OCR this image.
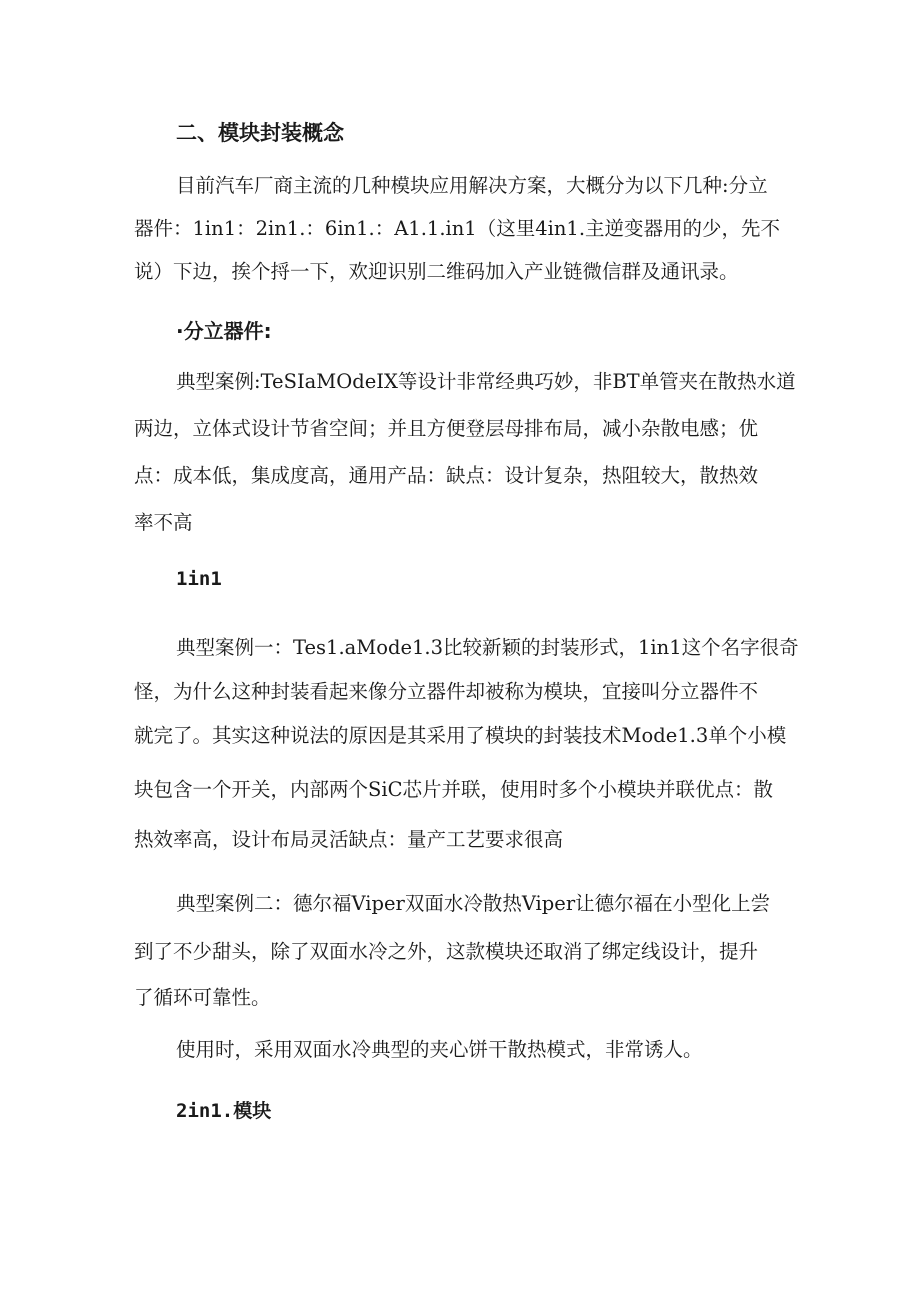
二、模块封装概念
目前汽车厂商主流的几种模块应用解决方案，大概分为以下几种:分立
器件：1in1：2in1.：6in1.：A1.1.in1（这里4in1.主逆变器用的少，先不
说）下边，挨个捋一下，欢迎识别二维码加入产业链微信群及通讯录。
·分立器件:
典型案例:TeSIaMOdeIX等设计非常经典巧妙，非BT单管夹在散热水道
两边，立体式设计节省空间；并且方便登层母排布局，减小杂散电感；优
点：成本低，集成度高，通用产品：缺点：设计复杂，热阻较大，散热效
率不高
1in1
典型案例一：Tes1.aMode1.3比较新颖的封装形式，1in1这个名字很奇
怪，为什么这种封装看起来像分立器件却被称为模块，宜接叫分立器件不
就完了。其实这种说法的原因是其采用了模块的封装技术Mode1.3单个小模
块包含一个开关，内部两个SiC芯片并联，使用时多个小模块并联优点：散
热效率高，设计布局灵活缺点：量产工艺要求很高
典型案例二：德尔福Viper双面水冷散热Viper让德尔福在小型化上尝
到了不少甜头，除了双面水冷之外，这款模块还取消了绑定线设计，提升
了循环可靠性。
使用时，采用双面水冷典型的夹心饼干散热模式，非常诱人。
2in1.模块
